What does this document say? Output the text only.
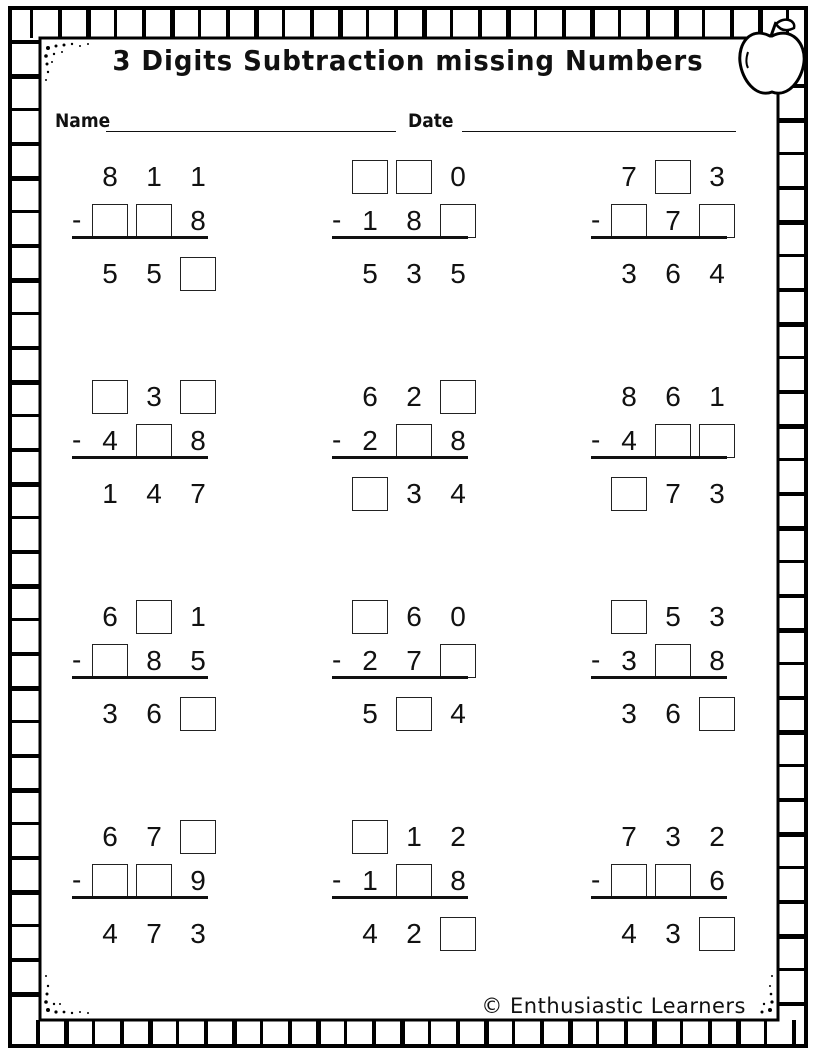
3 Digits Subtraction missing Numbers
Name	Date
8	1	1
8
5	5
-
0
1	8
5	3	5
-
7	3
7
3	6	4
-
3
4	8
1	4	7
-
6	2
2	8
3	4
-
8	6	1
4
7	3
-
6	1
8	5
3	6
-
6	0
2	7
5	4
-
5	3
3	8
3	6
-
6	7
9
4	7	3
-
1	2
1	8
4	2
-
7	3	2
6
4	3
-
© Enthusiastic Learners
